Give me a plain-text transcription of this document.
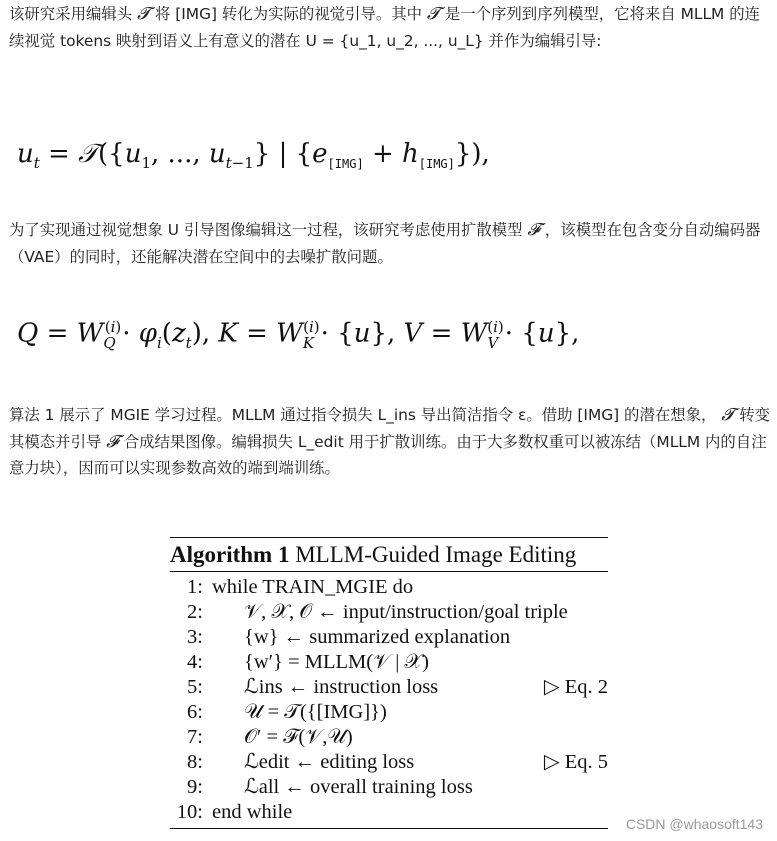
该研究采用编辑头 𝓣 将 [IMG] 转化为实际的视觉引导。其中 𝓣 是一个序列到序列模型，它将来自 MLLM 的连续视觉 tokens 映射到语义上有意义的潜在 U = {u_1, u_2, ..., u_L} 并作为编辑引导:

$u_t$ = $𝒯(\{u_1$, ..., $u_{t-1}$} | $\{e_{[IMG]} + h_{[IMG]}\}$),

为了实现通过视觉想象 U 引导图像编辑这一过程，该研究考虑使用扩散模型 𝓕 ，该模型在包含变分自动编码器（VAE）的同时，还能解决潜在空间中的去噪扩散问题。

$Q = W_Q^{(i)}\cdot \varphi_i(z_t)$, $K = W_K^{(i)}\cdot \{u\}$, $V = W_V^{(i)}\cdot \{u\}$,

算法 1 展示了 MGIE 学习过程。MLLM 通过指令损失 L_ins 导出简洁指令 ε。借助 [IMG] 的潜在想象， 𝓣 转变其模态并引导 𝓕 合成结果图像。编辑损失 L_edit 用于扩散训练。由于大多数权重可以被冻结（MLLM 内的自注意力块），因而可以实现参数高效的端到端训练。

Algorithm 1 MLLM-Guided Image Editing
1: while TRAIN_MGIE do
2: 𝒱, 𝒳, 𝒪 ← input/instruction/goal triple
3: {w} ← summarized explanation
4: {w′} = MLLM(𝒱 | 𝒳)
5: ℒins ← instruction loss	▷ Eq. 2
6: 𝒰 = 𝒯({[IMG]})
7: 𝒪′ = ℱ(𝒱,𝒰)
8: ℒedit ← editing loss	▷ Eq. 5
9: ℒall ← overall training loss
10: end while
CSDN @whaosoft143
